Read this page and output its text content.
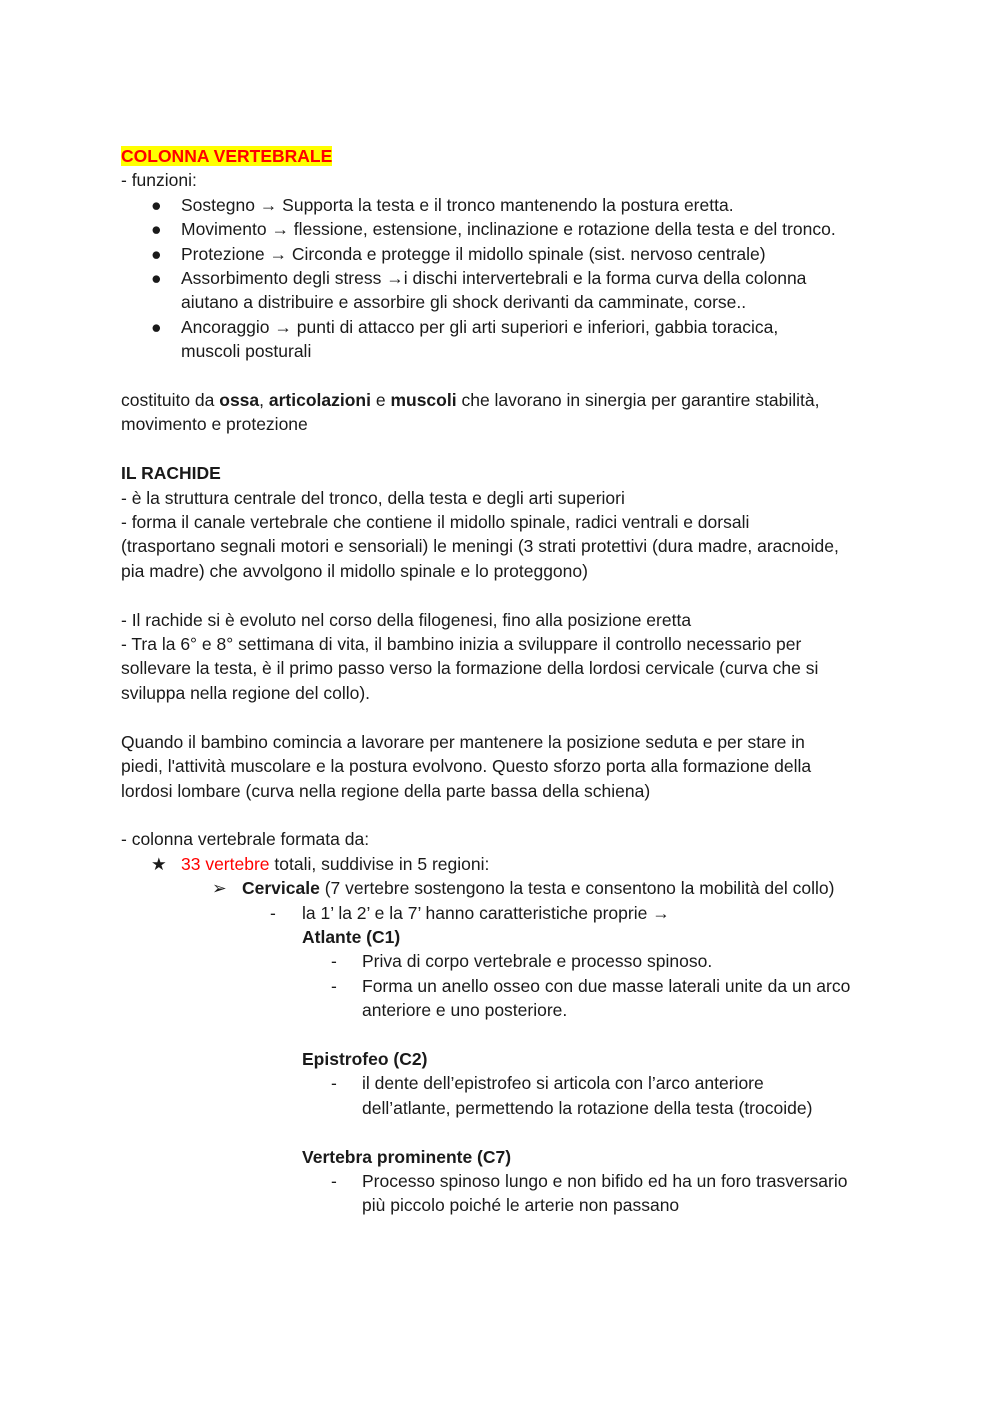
COLONNA VERTEBRALE
- funzioni:
● Sostegno → Supporta la testa e il tronco mantenendo la postura eretta.
● Movimento → flessione, estensione, inclinazione e rotazione della testa e del tronco.
● Protezione → Circonda e protegge il midollo spinale (sist. nervoso centrale)
● Assorbimento degli stress →i dischi intervertebrali e la forma curva della colonna
aiutano a distribuire e assorbire gli shock derivanti da camminate, corse..
● Ancoraggio → punti di attacco per gli arti superiori e inferiori, gabbia toracica,
muscoli posturali
costituito da ossa, articolazioni e muscoli che lavorano in sinergia per garantire stabilità,
movimento e protezione
IL RACHIDE
- è la struttura centrale del tronco, della testa e degli arti superiori
- forma il canale vertebrale che contiene il midollo spinale, radici ventrali e dorsali
(trasportano segnali motori e sensoriali) le meningi (3 strati protettivi (dura madre, aracnoide,
pia madre) che avvolgono il midollo spinale e lo proteggono)
- Il rachide si è evoluto nel corso della filogenesi, fino alla posizione eretta
- Tra la 6° e 8° settimana di vita, il bambino inizia a sviluppare il controllo necessario per
sollevare la testa, è il primo passo verso la formazione della lordosi cervicale (curva che si
sviluppa nella regione del collo).
Quando il bambino comincia a lavorare per mantenere la posizione seduta e per stare in
piedi, l'attività muscolare e la postura evolvono. Questo sforzo porta alla formazione della
lordosi lombare (curva nella regione della parte bassa della schiena)
- colonna vertebrale formata da:
★ 33 vertebre totali, suddivise in 5 regioni:
➢ Cervicale (7 vertebre sostengono la testa e consentono la mobilità del collo)
- la 1’ la 2’ e la 7’ hanno caratteristiche proprie →
Atlante (C1)
- Priva di corpo vertebrale e processo spinoso.
- Forma un anello osseo con due masse laterali unite da un arco
anteriore e uno posteriore.
Epistrofeo (C2)
- il dente dell’epistrofeo si articola con l’arco anteriore
dell’atlante, permettendo la rotazione della testa (trocoide)
Vertebra prominente (C7)
- Processo spinoso lungo e non bifido ed ha un foro trasversario
più piccolo poiché le arterie non passano
